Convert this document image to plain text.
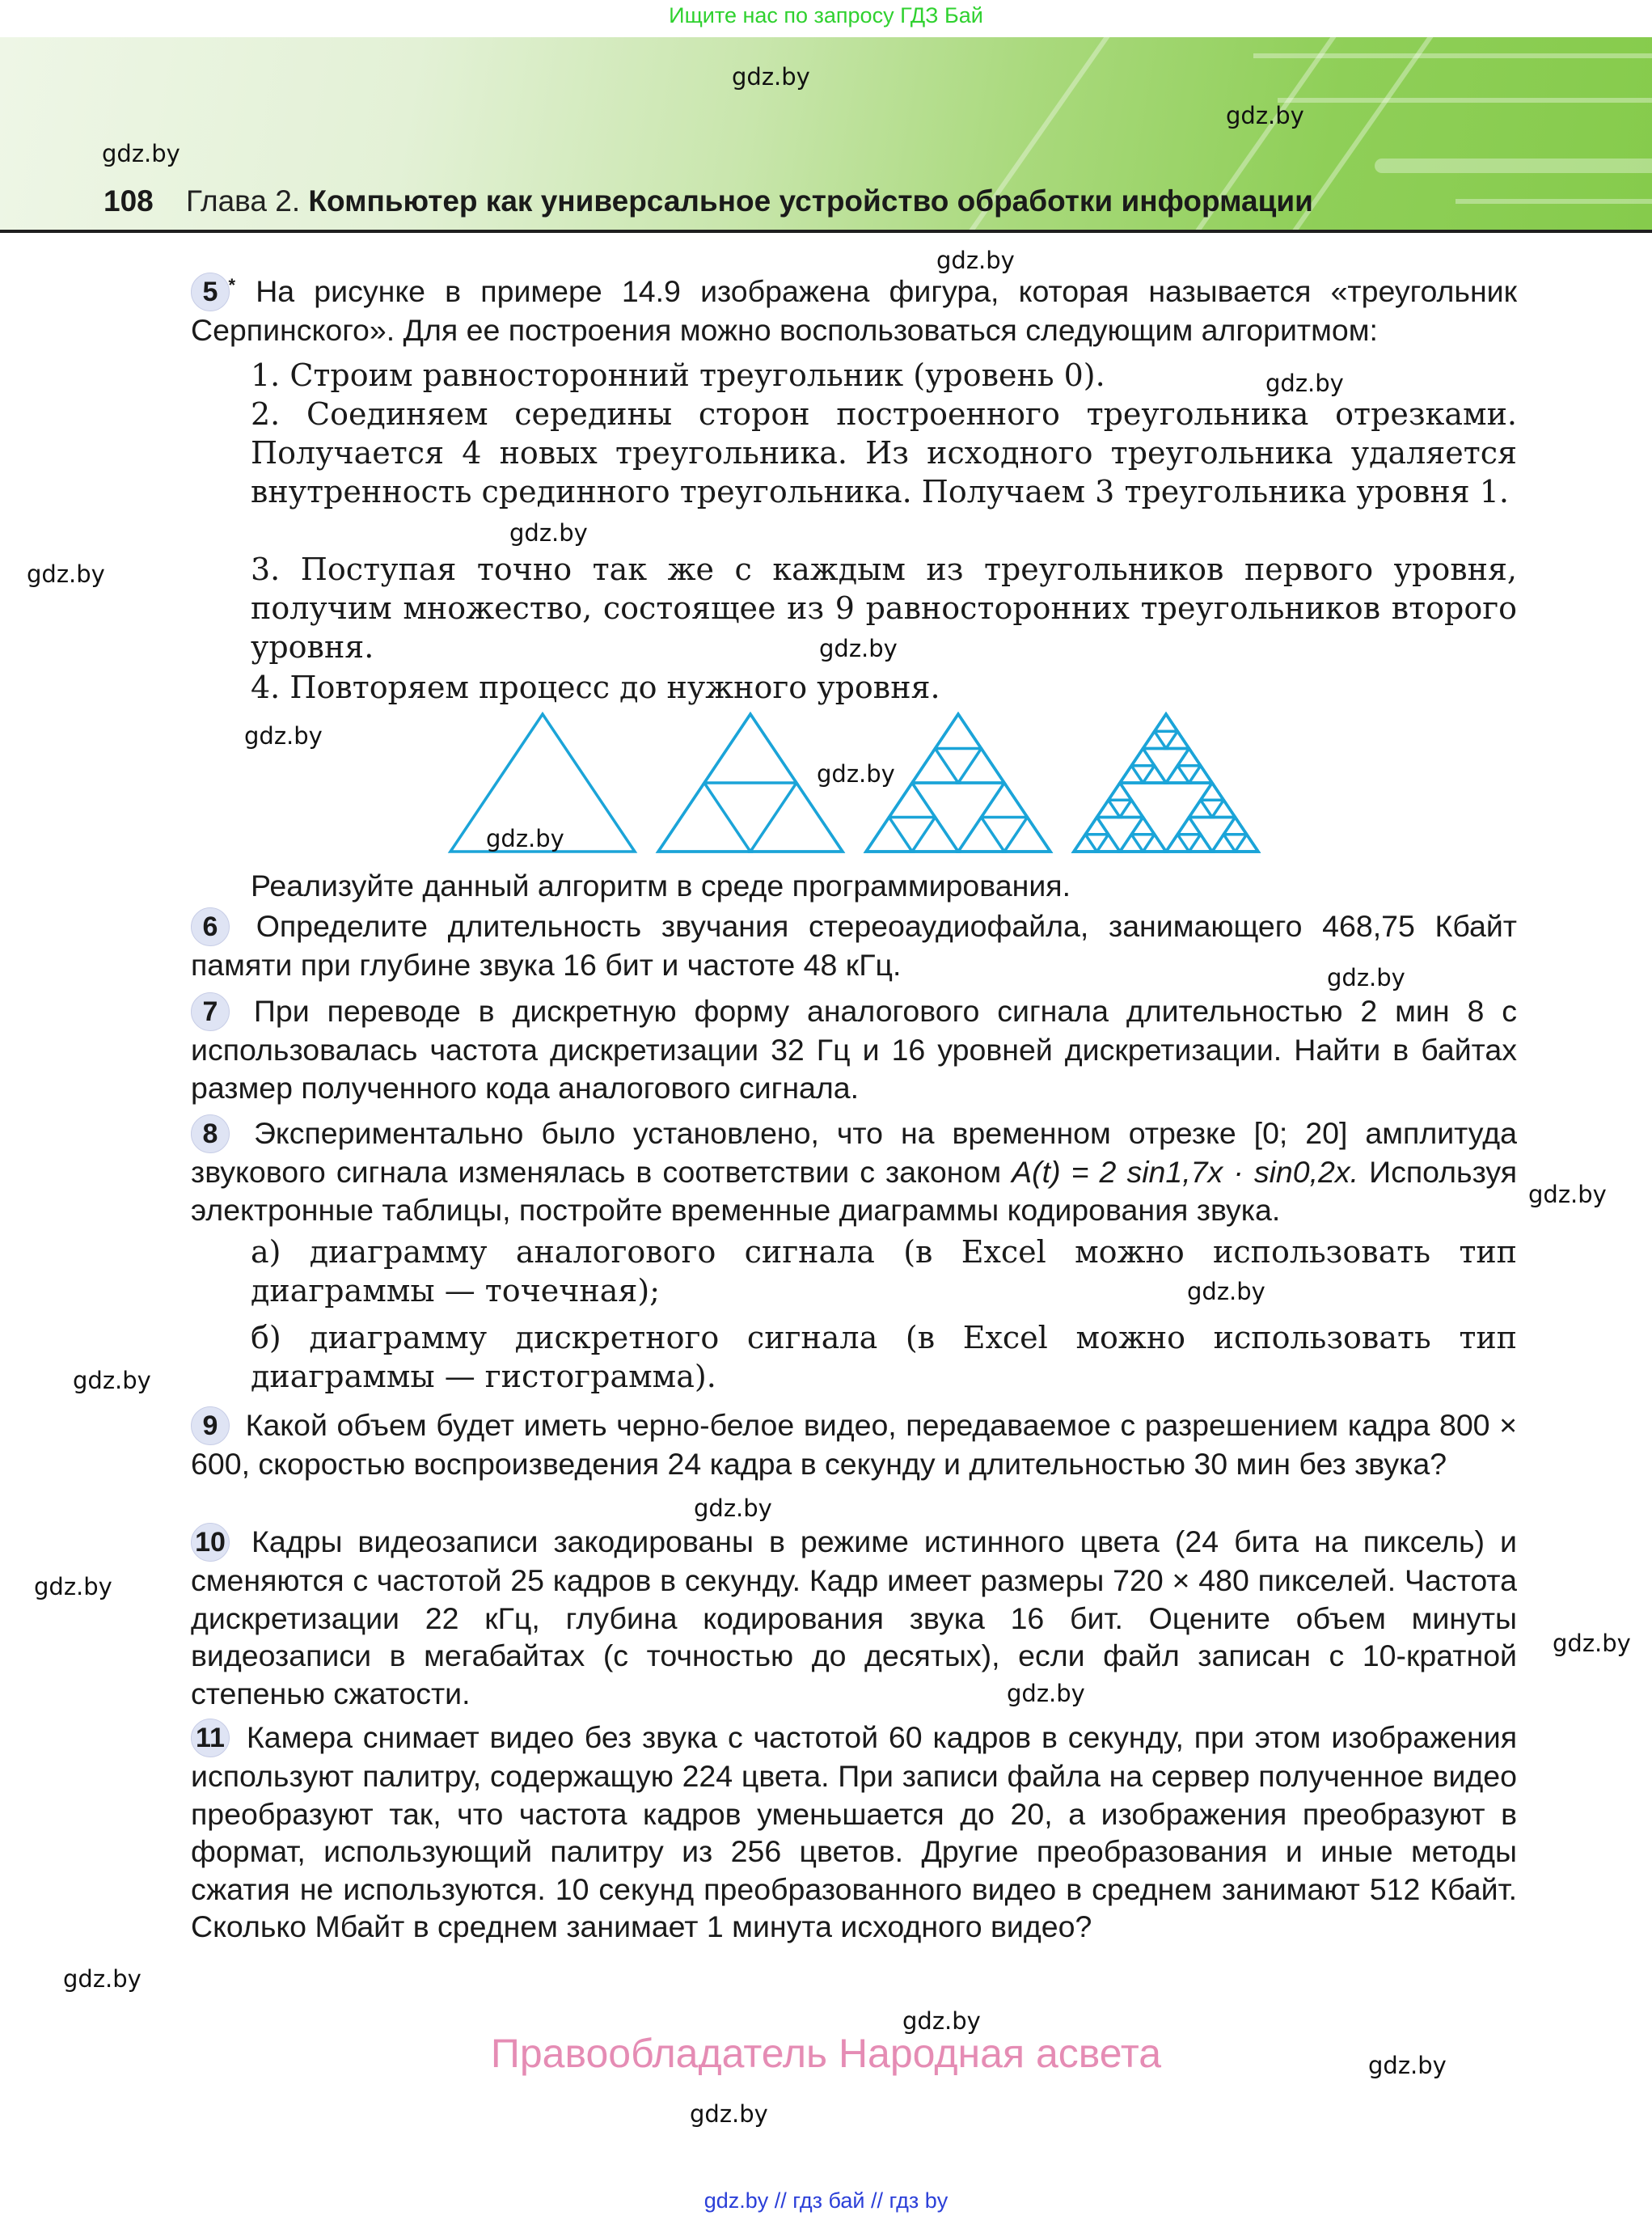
Ищите нас по запросу ГДЗ Бай
108 Глава 2. Компьютер как универсальное устройство обработки информации
gdz.by
gdz.by
gdz.by
gdz.by
gdz.by
gdz.by
gdz.by
gdz.by
gdz.by
gdz.by
gdz.by
gdz.by
gdz.by
gdz.by
gdz.by
gdz.by
gdz.by
gdz.by
gdz.by
gdz.by
gdz.by
gdz.by
gdz.by
5 * На рисунке в примере 14.9 изображена фигура, которая называется «треугольник Серпинского». Для ее построения можно воспользоваться следующим алгоритмом:
1. Строим равносторонний треугольник (уровень 0).
2. Соединяем середины сторон построенного треугольника отрезками. Получается 4 новых треугольника. Из исходного треугольника удаляется внутренность срединного треугольника. Получаем 3 треугольника уровня 1.
3. Поступая точно так же с каждым из треугольников первого уровня, получим множество, состоящее из 9 равносторонних треугольников второго уровня.
4. Повторяем процесс до нужного уровня.
Реализуйте данный алгоритм в среде программирования.
6 Определите длительность звучания стереоаудиофайла, занимающего 468,75 Кбайт памяти при глубине звука 16 бит и частоте 48 кГц.
7 При переводе в дискретную форму аналогового сигнала длительностью 2 мин 8 с использовалась частота дискретизации 32 Гц и 16 уровней дискретизации. Найти в байтах размер полученного кода аналогового сигнала.
8 Экспериментально было установлено, что на временном отрезке [0; 20] амплитуда звукового сигнала изменялась в соответствии с законом A(t) = 2 sin1,7x · sin0,2x. Используя электронные таблицы, постройте временные диаграммы кодирования звука.
а) диаграмму аналогового сигнала (в Excel можно использовать тип диаграммы — точечная);
б) диаграмму дискретного сигнала (в Excel можно использовать тип диаграммы — гистограмма).
9 Какой объем будет иметь черно-белое видео, передаваемое с разрешением кадра 800 × 600, скоростью воспроизведения 24 кадра в секунду и длительностью 30 мин без звука?
10 Кадры видеозаписи закодированы в режиме истинного цвета (24 бита на пиксель) и сменяются с частотой 25 кадров в секунду. Кадр имеет размеры 720 × 480 пикселей. Частота дискретизации 22 кГц, глубина кодирования звука 16 бит. Оцените объем минуты видеозаписи в мегабайтах (с точностью до десятых), если файл записан с 10-кратной степенью сжатости.
11 Камера снимает видео без звука с частотой 60 кадров в секунду, при этом изображения используют палитру, содержащую 224 цвета. При записи файла на сервер полученное видео преобразуют так, что частота кадров уменьшается до 20, а изображения преобразуют в формат, использующий палитру из 256 цветов. Другие преобразования и иные методы сжатия не используются. 10 секунд преобразованного видео в среднем занимают 512 Кбайт. Сколько Мбайт в среднем занимает 1 минута исходного видео?
Правообладатель Народная асвета
gdz.by // гдз бай // гдз by
